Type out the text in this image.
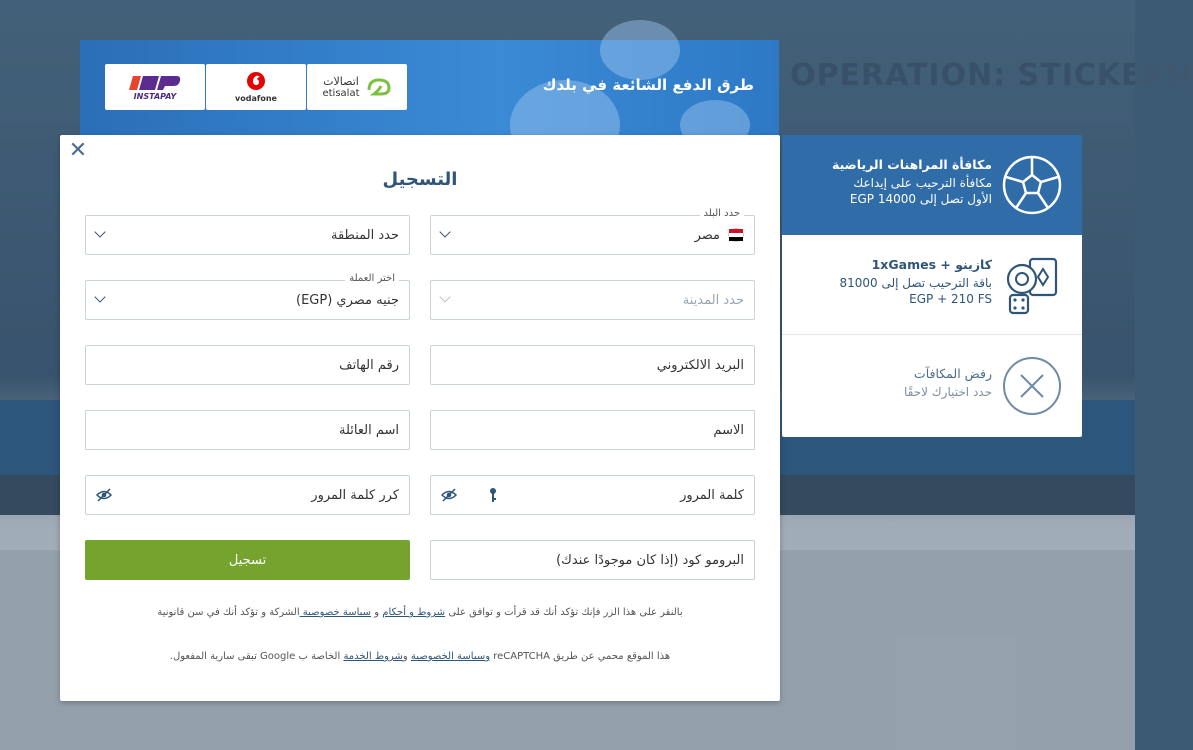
OPERATION: STICKERH
طرق الدفع الشائعة في بلدك
INSTAPAY	vodafone
اتصالات
etisalat
✕
التسجيل
حدد البلد
مصر
حدد المنطقة
حدد المدينة
اختر العملة
جنيه مصري (EGP)
البريد الالكتروني
رقم الهاتف
الاسم
اسم العائلة
كلمة المرور
كرر كلمة المرور
البرومو كود (إذا كان موجودًا عندك)
تسجيل
بالنقر على هذا الزر فإنك تؤكد أنك قد قرأت و توافق على شروط و أحكام و سياسة خصوصية الشركة و تؤكد أنك في سن قانونية
هذا الموقع محمي عن طريق reCAPTCHA وسياسة الخصوصية وشروط الخدمة الخاصة ب Google تبقى سارية المفعول.
مكافأة المراهنات الرياضية
مكافأة الترحيب على إيداعك
الأول تصل إلى EGP 14000
كازينو + 1xGames
باقة الترحيب تصل إلى 81000
EGP + 210 FS
رفض المكافآت
حدد اختيارك لاحقًا
